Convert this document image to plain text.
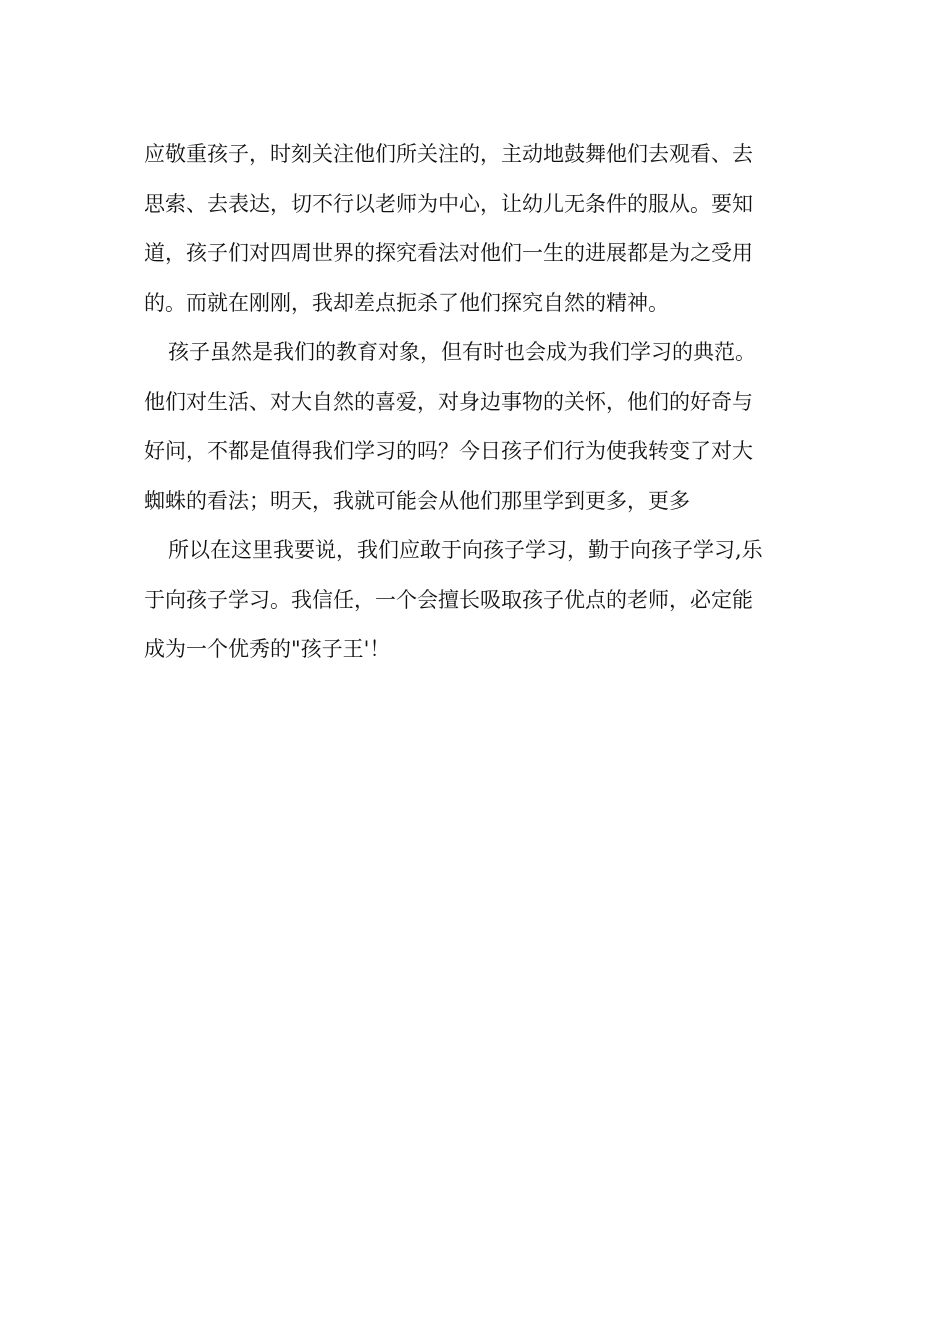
应敬重孩子，时刻关注他们所关注的，主动地鼓舞他们去观看、去
思索、去表达，切不行以老师为中心，让幼儿无条件的服从。要知
道，孩子们对四周世界的探究看法对他们一生的进展都是为之受用
的。而就在刚刚，我却差点扼杀了他们探究自然的精神。
孩子虽然是我们的教育对象，但有时也会成为我们学习的典范。
他们对生活、对大自然的喜爱，对身边事物的关怀，他们的好奇与
好问，不都是值得我们学习的吗？今日孩子们行为使我转变了对大
蜘蛛的看法；明天，我就可能会从他们那里学到更多，更多
所以在这里我要说，我们应敢于向孩子学习，勤于向孩子学习,乐
于向孩子学习。我信任，一个会擅长吸取孩子优点的老师，必定能
成为一个优秀的"孩子王'！
